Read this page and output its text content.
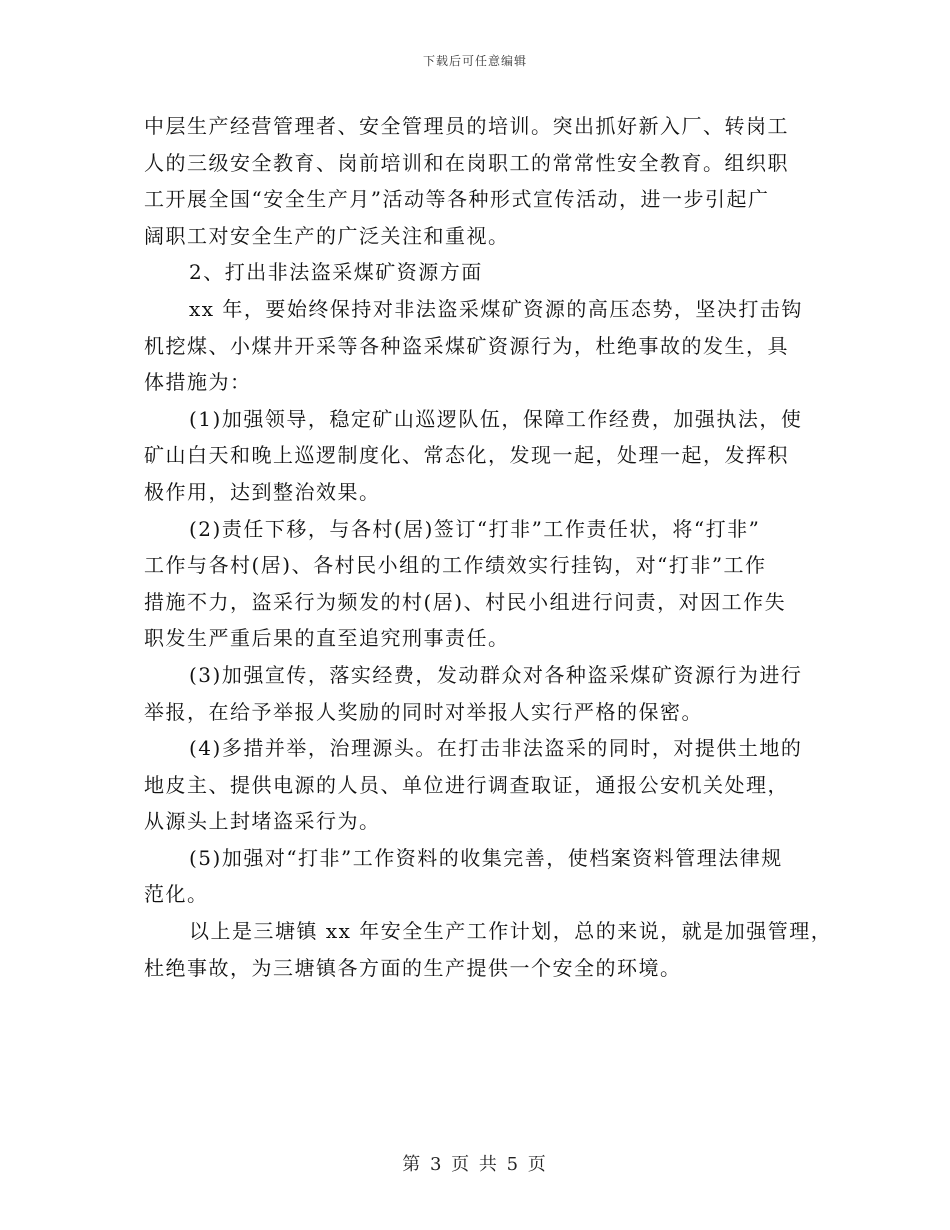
下载后可任意编辑

中层生产经营管理者、安全管理员的培训。突出抓好新入厂、转岗工

人的三级安全教育、岗前培训和在岗职工的常常性安全教育。组织职

工开展全国“安全生产月”活动等各种形式宣传活动，进一步引起广

阔职工对安全生产的广泛关注和重视。

2、打出非法盗采煤矿资源方面

xx 年，要始终保持对非法盗采煤矿资源的高压态势，坚决打击钩

机挖煤、小煤井开采等各种盗采煤矿资源行为，杜绝事故的发生，具

体措施为：

(1)加强领导，稳定矿山巡逻队伍，保障工作经费，加强执法，使

矿山白天和晚上巡逻制度化、常态化，发现一起，处理一起，发挥积

极作用，达到整治效果。

(2)责任下移，与各村(居)签订“打非”工作责任状，将“打非”

工作与各村(居)、各村民小组的工作绩效实行挂钩，对“打非”工作

措施不力，盗采行为频发的村(居)、村民小组进行问责，对因工作失

职发生严重后果的直至追究刑事责任。

(3)加强宣传，落实经费，发动群众对各种盗采煤矿资源行为进行

举报，在给予举报人奖励的同时对举报人实行严格的保密。

(4)多措并举，治理源头。在打击非法盗采的同时，对提供土地的

地皮主、提供电源的人员、单位进行调查取证，通报公安机关处理，

从源头上封堵盗采行为。

(5)加强对“打非”工作资料的收集完善，使档案资料管理法律规

范化。

以上是三塘镇 xx 年安全生产工作计划，总的来说，就是加强管理，

杜绝事故，为三塘镇各方面的生产提供一个安全的环境。

第 3 页 共 5 页
